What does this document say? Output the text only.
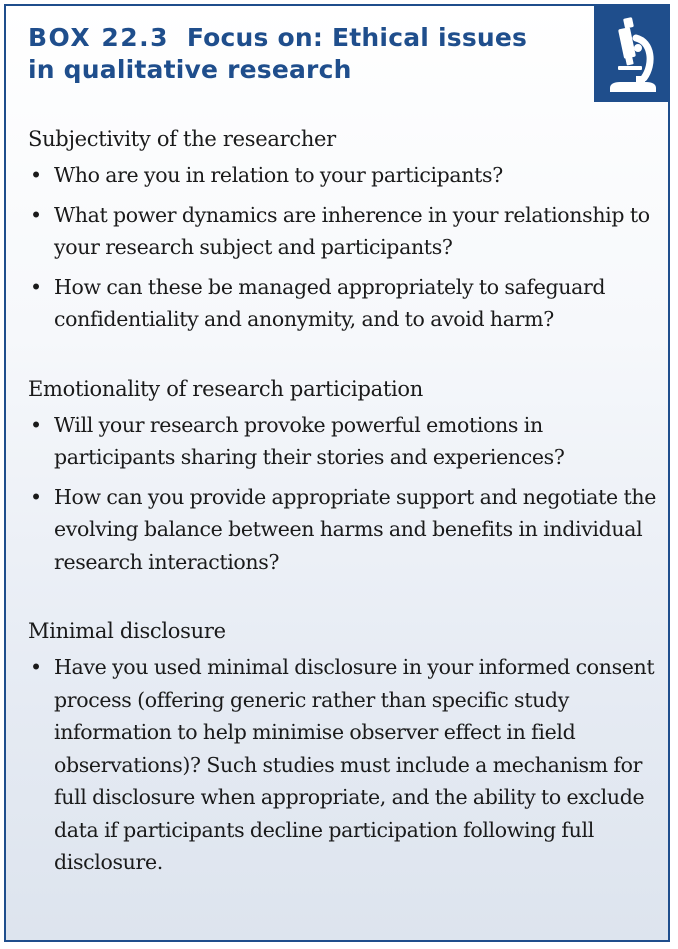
BOX 22.3 Focus on: Ethical issues
in qualitative research
Subjectivity of the researcher
• Who are you in relation to your participants?
• What power dynamics are inherence in your relationship to your research subject and participants?
• How can these be managed appropriately to safeguard confidentiality and anonymity, and to avoid harm?
Emotionality of research participation
• Will your research provoke powerful emotions in participants sharing their stories and experiences?
• How can you provide appropriate support and negotiate the evolving balance between harms and benefits in individual research interactions?
Minimal disclosure
• Have you used minimal disclosure in your informed consent process (offering generic rather than specific study information to help minimise observer effect in field observations)? Such studies must include a mechanism for full disclosure when appropriate, and the ability to exclude data if participants decline participation following full disclosure.
